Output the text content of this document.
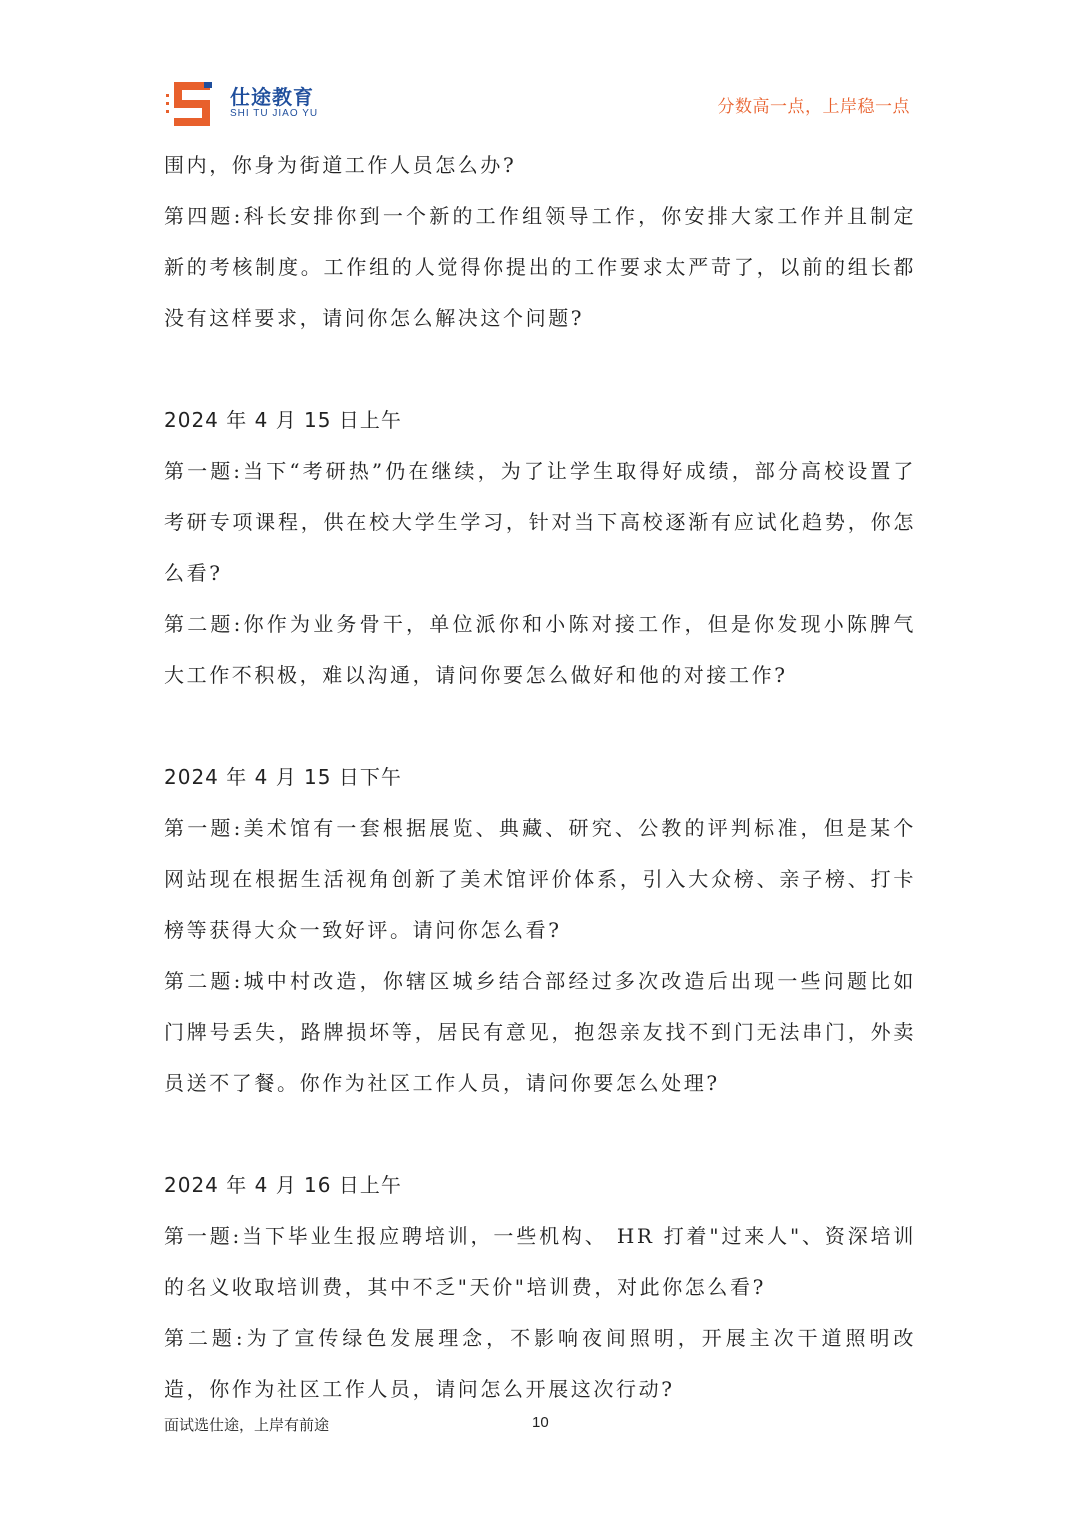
仕途教育
SHI TU JIAO YU	分数高一点，上岸稳一点

围内，你身为街道工作人员怎么办?

第四题:科长安排你到一个新的工作组领导工作，你安排大家工作并且制定新的考核制度。工作组的人觉得你提出的工作要求太严苛了，以前的组长都没有这样要求，请问你怎么解决这个问题?

2024 年 4 月 15 日上午

第一题:当下“考研热”仍在继续，为了让学生取得好成绩，部分高校设置了考研专项课程，供在校大学生学习，针对当下高校逐渐有应试化趋势，你怎么看?

第二题:你作为业务骨干，单位派你和小陈对接工作，但是你发现小陈脾气大工作不积极，难以沟通，请问你要怎么做好和他的对接工作?

2024 年 4 月 15 日下午

第一题:美术馆有一套根据展览、典藏、研究、公教的评判标准，但是某个网站现在根据生活视角创新了美术馆评价体系，引入大众榜、亲子榜、打卡榜等获得大众一致好评。请问你怎么看?

第二题:城中村改造，你辖区城乡结合部经过多次改造后出现一些问题比如门牌号丢失，路牌损坏等，居民有意见，抱怨亲友找不到门无法串门，外卖员送不了餐。你作为社区工作人员，请问你要怎么处理?

2024 年 4 月 16 日上午

第一题:当下毕业生报应聘培训，一些机构、 HR 打着"过来人"、资深培训的名义收取培训费，其中不乏"天价"培训费，对此你怎么看?

第二题:为了宣传绿色发展理念，不影响夜间照明，开展主次干道照明改造，你作为社区工作人员，请问怎么开展这次行动?

面试选仕途，上岸有前途	10
